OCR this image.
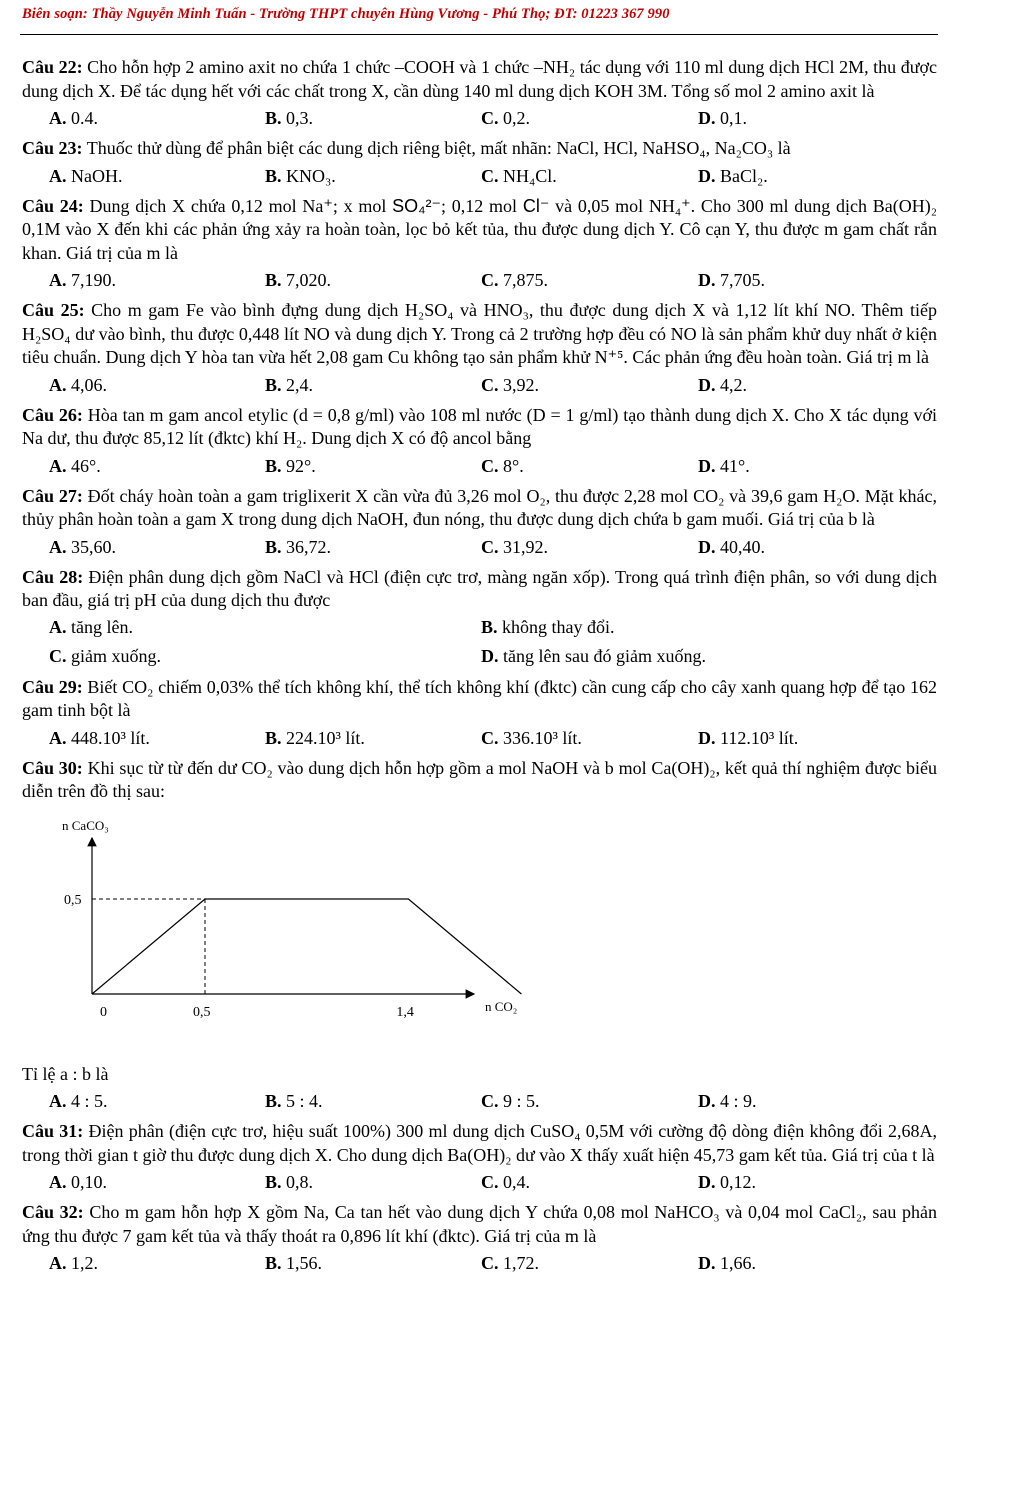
Biên soạn: Thầy Nguyễn Minh Tuấn - Trường THPT chuyên Hùng Vương - Phú Thọ; ĐT: 01223 367 990

Câu 22: Cho hỗn hợp 2 amino axit no chứa 1 chức –COOH và 1 chức –NH₂ tác dụng với 110 ml dung dịch HCl 2M, thu được dung dịch X. Để tác dụng hết với các chất trong X, cần dùng 140 ml dung dịch KOH 3M. Tổng số mol 2 amino axit là

A. 0.4.	B. 0,3.	C. 0,2.	D. 0,1.

Câu 23: Thuốc thử dùng để phân biệt các dung dịch riêng biệt, mất nhãn: NaCl, HCl, NaHSO₄, Na₂CO₃ là

A. NaOH.	B. KNO₃.	C. NH₄Cl.	D. BaCl₂.

Câu 24: Dung dịch X chứa 0,12 mol Na⁺; x mol SO₄²⁻; 0,12 mol Cl⁻ và 0,05 mol NH₄⁺. Cho 300 ml dung dịch Ba(OH)₂ 0,1M vào X đến khi các phản ứng xảy ra hoàn toàn, lọc bỏ kết tủa, thu được dung dịch Y. Cô cạn Y, thu được m gam chất rắn khan. Giá trị của m là

A. 7,190.	B. 7,020.	C. 7,875.	D. 7,705.

Câu 25: Cho m gam Fe vào bình đựng dung dịch H₂SO₄ và HNO₃, thu được dung dịch X và 1,12 lít khí NO. Thêm tiếp H₂SO₄ dư vào bình, thu được 0,448 lít NO và dung dịch Y. Trong cả 2 trường hợp đều có NO là sản phẩm khử duy nhất ở kiện tiêu chuẩn. Dung dịch Y hòa tan vừa hết 2,08 gam Cu không tạo sản phẩm khử N⁺⁵. Các phản ứng đều hoàn toàn. Giá trị m là

A. 4,06.	B. 2,4.	C. 3,92.	D. 4,2.

Câu 26: Hòa tan m gam ancol etylic (d = 0,8 g/ml) vào 108 ml nước (D = 1 g/ml) tạo thành dung dịch X. Cho X tác dụng với Na dư, thu được 85,12 lít (đktc) khí H₂. Dung dịch X có độ ancol bằng

A. 46°.	B. 92°.	C. 8°.	D. 41°.

Câu 27: Đốt cháy hoàn toàn a gam triglixerit X cần vừa đủ 3,26 mol O₂, thu được 2,28 mol CO₂ và 39,6 gam H₂O. Mặt khác, thủy phân hoàn toàn a gam X trong dung dịch NaOH, đun nóng, thu được dung dịch chứa b gam muối. Giá trị của b là

A. 35,60.	B. 36,72.	C. 31,92.	D. 40,40.

Câu 28: Điện phân dung dịch gồm NaCl và HCl (điện cực trơ, màng ngăn xốp). Trong quá trình điện phân, so với dung dịch ban đầu, giá trị pH của dung dịch thu được

A. tăng lên.	B. không thay đổi.
C. giảm xuống.	D. tăng lên sau đó giảm xuống.

Câu 29: Biết CO₂ chiếm 0,03% thể tích không khí, thể tích không khí (đktc) cần cung cấp cho cây xanh quang hợp để tạo 162 gam tinh bột là

A. 448.10³ lít.	B. 224.10³ lít.	C. 336.10³ lít.	D. 112.10³ lít.

Câu 30: Khi sục từ từ đến dư CO₂ vào dung dịch hỗn hợp gồm a mol NaOH và b mol Ca(OH)₂, kết quả thí nghiệm được biểu diễn trên đồ thị sau:

n CaCO₃
n CO₂
0	0,5	1,4
0,5

Tỉ lệ a : b là

A. 4 : 5.	B. 5 : 4.	C. 9 : 5.	D. 4 : 9.

Câu 31: Điện phân (điện cực trơ, hiệu suất 100%) 300 ml dung dịch CuSO₄ 0,5M với cường độ dòng điện không đổi 2,68A, trong thời gian t giờ thu được dung dịch X. Cho dung dịch Ba(OH)₂ dư vào X thấy xuất hiện 45,73 gam kết tủa. Giá trị của t là

A. 0,10.	B. 0,8.	C. 0,4.	D. 0,12.

Câu 32: Cho m gam hỗn hợp X gồm Na, Ca tan hết vào dung dịch Y chứa 0,08 mol NaHCO₃ và 0,04 mol CaCl₂, sau phản ứng thu được 7 gam kết tủa và thấy thoát ra 0,896 lít khí (đktc). Giá trị của m là

A. 1,2.	B. 1,56.	C. 1,72.	D. 1,66.
